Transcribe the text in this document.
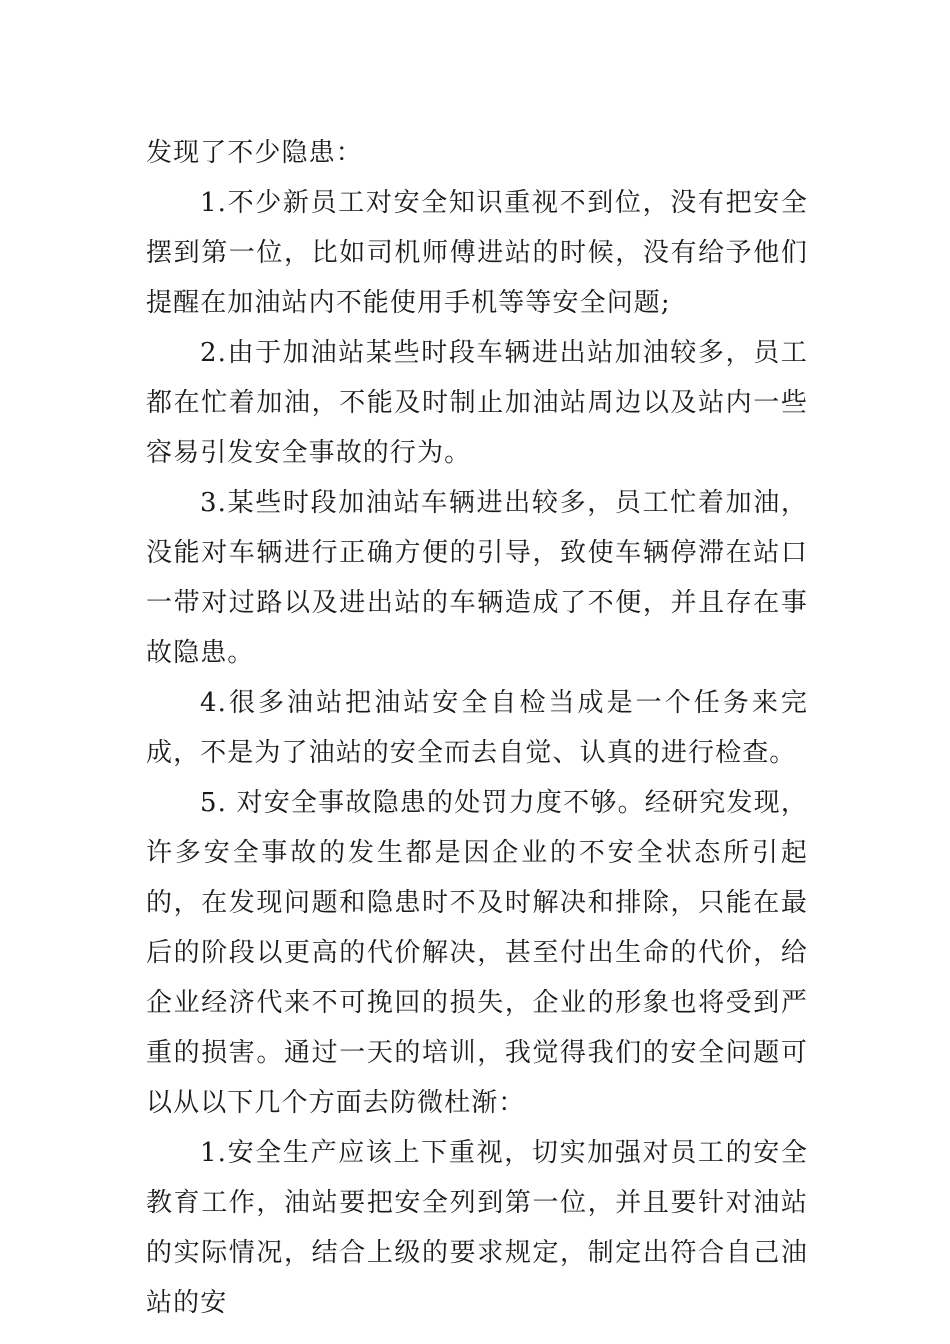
发现了不少隐患：

1.不少新员工对安全知识重视不到位，没有把安全摆到第一位，比如司机师傅进站的时候，没有给予他们提醒在加油站内不能使用手机等等安全问题;

2.由于加油站某些时段车辆进出站加油较多，员工都在忙着加油，不能及时制止加油站周边以及站内一些容易引发安全事故的行为。

3.某些时段加油站车辆进出较多，员工忙着加油，没能对车辆进行正确方便的引导，致使车辆停滞在站口一带对过路以及进出站的车辆造成了不便，并且存在事故隐患。

4.很多油站把油站安全自检当成是一个任务来完成，不是为了油站的安全而去自觉、认真的进行检查。

5. 对安全事故隐患的处罚力度不够。经研究发现，许多安全事故的发生都是因企业的不安全状态所引起的，在发现问题和隐患时不及时解决和排除，只能在最后的阶段以更高的代价解决，甚至付出生命的代价，给企业经济代来不可挽回的损失，企业的形象也将受到严重的损害。通过一天的培训，我觉得我们的安全问题可以从以下几个方面去防微杜渐：

1.安全生产应该上下重视，切实加强对员工的安全教育工作，油站要把安全列到第一位，并且要针对油站的实际情况，结合上级的要求规定，制定出符合自己油站的安
